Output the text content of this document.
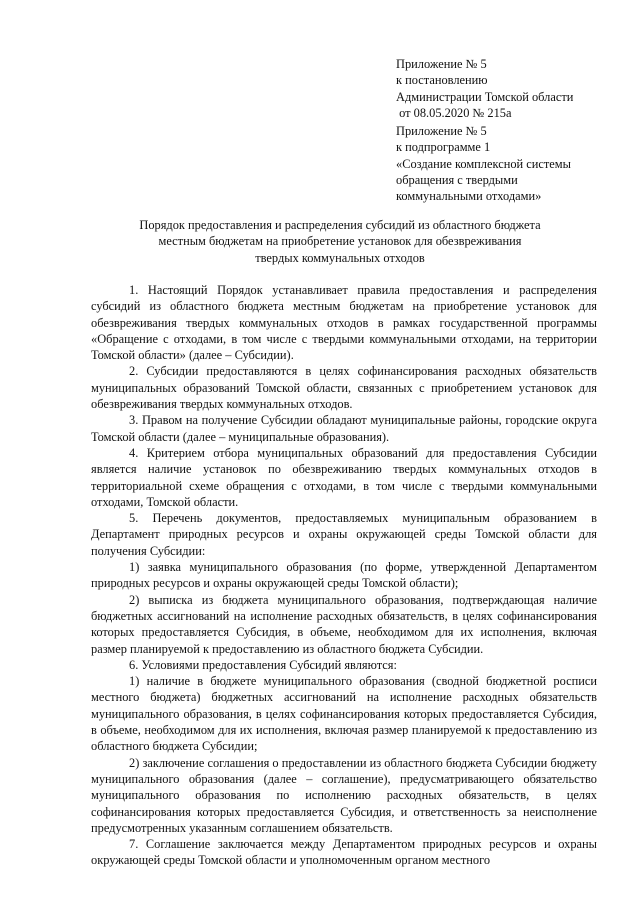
Приложение № 5
к постановлению
Администрации Томской области
от 08.05.2020 № 215а
Приложение № 5
к подпрограмме 1
«Создание комплексной системы
обращения с твердыми
коммунальными отходами»
Порядок предоставления и распределения субсидий из областного бюджета
местным бюджетам на приобретение установок для обезвреживания
твердых коммунальных отходов

1. Настоящий Порядок устанавливает правила предоставления и распределения субсидий из областного бюджета местным бюджетам на приобретение установок для обезвреживания твердых коммунальных отходов в рамках государственной программы «Обращение с отходами, в том числе с твердыми коммунальными отходами, на территории Томской области» (далее – Субсидии).

2. Субсидии предоставляются в целях софинансирования расходных обязательств муниципальных образований Томской области, связанных с приобретением установок для обезвреживания твердых коммунальных отходов.

3. Правом на получение Субсидии обладают муниципальные районы, городские округа Томской области (далее – муниципальные образования).

4. Критерием отбора муниципальных образований для предоставления Субсидии является наличие установок по обезвреживанию твердых коммунальных отходов в территориальной схеме обращения с отходами, в том числе с твердыми коммунальными отходами, Томской области.

5. Перечень документов, предоставляемых муниципальным образованием в Департамент природных ресурсов и охраны окружающей среды Томской области для получения Субсидии:

1) заявка муниципального образования (по форме, утвержденной Департаментом природных ресурсов и охраны окружающей среды Томской области);

2) выписка из бюджета муниципального образования, подтверждающая наличие бюджетных ассигнований на исполнение расходных обязательств, в целях софинансирования которых предоставляется Субсидия, в объеме, необходимом для их исполнения, включая размер планируемой к предоставлению из областного бюджета Субсидии.

6. Условиями предоставления Субсидий являются:

1) наличие в бюджете муниципального образования (сводной бюджетной росписи местного бюджета) бюджетных ассигнований на исполнение расходных обязательств муниципального образования, в целях софинансирования которых предоставляется Субсидия, в объеме, необходимом для их исполнения, включая размер планируемой к предоставлению из областного бюджета Субсидии;

2) заключение соглашения о предоставлении из областного бюджета Субсидии бюджету муниципального образования (далее – соглашение), предусматривающего обязательство муниципального образования по исполнению расходных обязательств, в целях софинансирования которых предоставляется Субсидия, и ответственность за неисполнение предусмотренных указанным соглашением обязательств.

7. Соглашение заключается между Департаментом природных ресурсов и охраны окружающей среды Томской области и уполномоченным органом местного
